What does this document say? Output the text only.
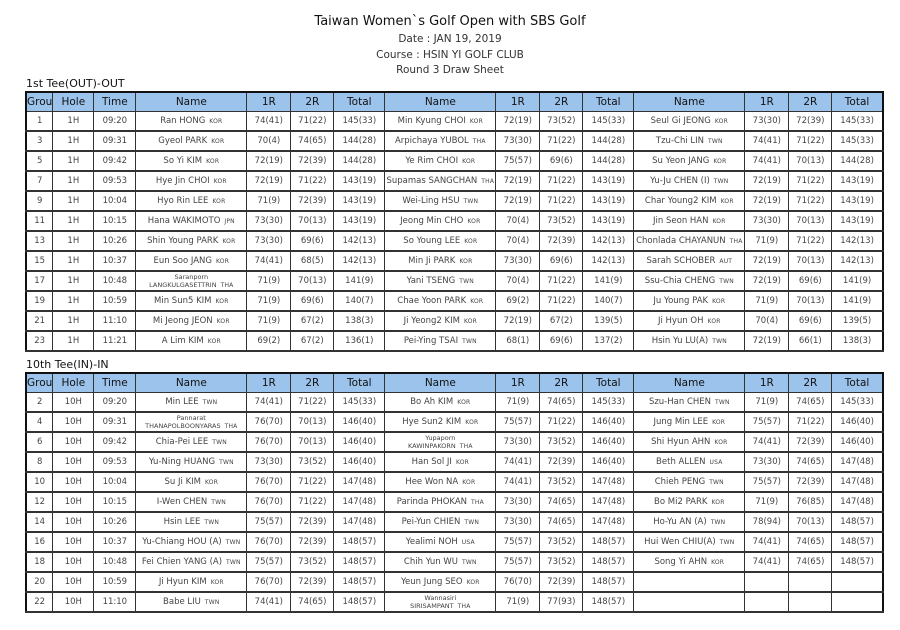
Taiwan Women`s Golf Open with SBS Golf
Date : JAN 19, 2019
Course : HSIN YI GOLF CLUB
Round 3 Draw Sheet
1st Tee(OUT)-OUT
Grou	Hole	Time	Name	1R	2R	Total	Name	1R	2R	Total	Name	1R	2R	Total
1	1H	09:20	Ran HONG KOR	74(41)	71(22)	145(33)	Min Kyung CHOI KOR	72(19)	73(52)	145(33)	Seul Gi JEONG KOR	73(30)	72(39)	145(33)
3	1H	09:31	Gyeol PARK KOR	70(4)	74(65)	144(28)	Arpichaya YUBOL THA	73(30)	71(22)	144(28)	Tzu-Chi LIN TWN	74(41)	71(22)	145(33)
5	1H	09:42	So Yi KIM KOR	72(19)	72(39)	144(28)	Ye Rim CHOI KOR	75(57)	69(6)	144(28)	Su Yeon JANG KOR	74(41)	70(13)	144(28)
7	1H	09:53	Hye Jin CHOI KOR	72(19)	71(22)	143(19)	Supamas SANGCHAN THA	72(19)	71(22)	143(19)	Yu-Ju CHEN (I) TWN	72(19)	71(22)	143(19)
9	1H	10:04	Hyo Rin LEE KOR	71(9)	72(39)	143(19)	Wei-Ling HSU TWN	72(19)	71(22)	143(19)	Char Young2 KIM KOR	72(19)	71(22)	143(19)
11	1H	10:15	Hana WAKIMOTO JPN	73(30)	70(13)	143(19)	Jeong Min CHO KOR	70(4)	73(52)	143(19)	Jin Seon HAN KOR	73(30)	70(13)	143(19)
13	1H	10:26	Shin Young PARK KOR	73(30)	69(6)	142(13)	So Young LEE KOR	70(4)	72(39)	142(13)	Chonlada CHAYANUN THA	71(9)	71(22)	142(13)
15	1H	10:37	Eun Soo JANG KOR	74(41)	68(5)	142(13)	Min Ji PARK KOR	73(30)	69(6)	142(13)	Sarah SCHOBER AUT	72(19)	70(13)	142(13)
17	1H	10:48	Saranporn
LANGKULGASETTRIN THA	71(9)	70(13)	141(9)	Yani TSENG TWN	70(4)	71(22)	141(9)	Ssu-Chia CHENG TWN	72(19)	69(6)	141(9)
19	1H	10:59	Min Sun5 KIM KOR	71(9)	69(6)	140(7)	Chae Yoon PARK KOR	69(2)	71(22)	140(7)	Ju Young PAK KOR	71(9)	70(13)	141(9)
21	1H	11:10	Mi Jeong JEON KOR	71(9)	67(2)	138(3)	Ji Yeong2 KIM KOR	72(19)	67(2)	139(5)	Ji Hyun OH KOR	70(4)	69(6)	139(5)
23	1H	11:21	A Lim KIM KOR	69(2)	67(2)	136(1)	Pei-Ying TSAI TWN	68(1)	69(6)	137(2)	Hsin Yu LU(A) TWN	72(19)	66(1)	138(3)
10th Tee(IN)-IN
Grou	Hole	Time	Name	1R	2R	Total	Name	1R	2R	Total	Name	1R	2R	Total
2	10H	09:20	Min LEE TWN	74(41)	71(22)	145(33)	Bo Ah KIM KOR	71(9)	74(65)	145(33)	Szu-Han CHEN TWN	71(9)	74(65)	145(33)
4	10H	09:31	Pannarat
THANAPOLBOONYARAS THA	76(70)	70(13)	146(40)	Hye Sun2 KIM KOR	75(57)	71(22)	146(40)	Jung Min LEE KOR	75(57)	71(22)	146(40)
6	10H	09:42	Chia-Pei LEE TWN	76(70)	70(13)	146(40)	Yupaporn
KAWINPAKORN THA	73(30)	73(52)	146(40)	Shi Hyun AHN KOR	74(41)	72(39)	146(40)
8	10H	09:53	Yu-Ning HUANG TWN	73(30)	73(52)	146(40)	Han Sol JI KOR	74(41)	72(39)	146(40)	Beth ALLEN USA	73(30)	74(65)	147(48)
10	10H	10:04	Su Ji KIM KOR	76(70)	71(22)	147(48)	Hee Won NA KOR	74(41)	73(52)	147(48)	Chieh PENG TWN	75(57)	72(39)	147(48)
12	10H	10:15	I-Wen CHEN TWN	76(70)	71(22)	147(48)	Parinda PHOKAN THA	73(30)	74(65)	147(48)	Bo Mi2 PARK KOR	71(9)	76(85)	147(48)
14	10H	10:26	Hsin LEE TWN	75(57)	72(39)	147(48)	Pei-Yun CHIEN TWN	73(30)	74(65)	147(48)	Ho-Yu AN (A) TWN	78(94)	70(13)	148(57)
16	10H	10:37	Yu-Chiang HOU (A) TWN	76(70)	72(39)	148(57)	Yealimi NOH USA	75(57)	73(52)	148(57)	Hui Wen CHIU(A) TWN	74(41)	74(65)	148(57)
18	10H	10:48	Fei Chien YANG (A) TWN	75(57)	73(52)	148(57)	Chih Yun WU TWN	75(57)	73(52)	148(57)	Song Yi AHN KOR	74(41)	74(65)	148(57)
20	10H	10:59	Ji Hyun KIM KOR	76(70)	72(39)	148(57)	Yeun Jung SEO KOR	76(70)	72(39)	148(57)				
22	10H	11:10	Babe LIU TWN	74(41)	74(65)	148(57)	Wannasiri
SIRISAMPANT THA	71(9)	77(93)	148(57)				
